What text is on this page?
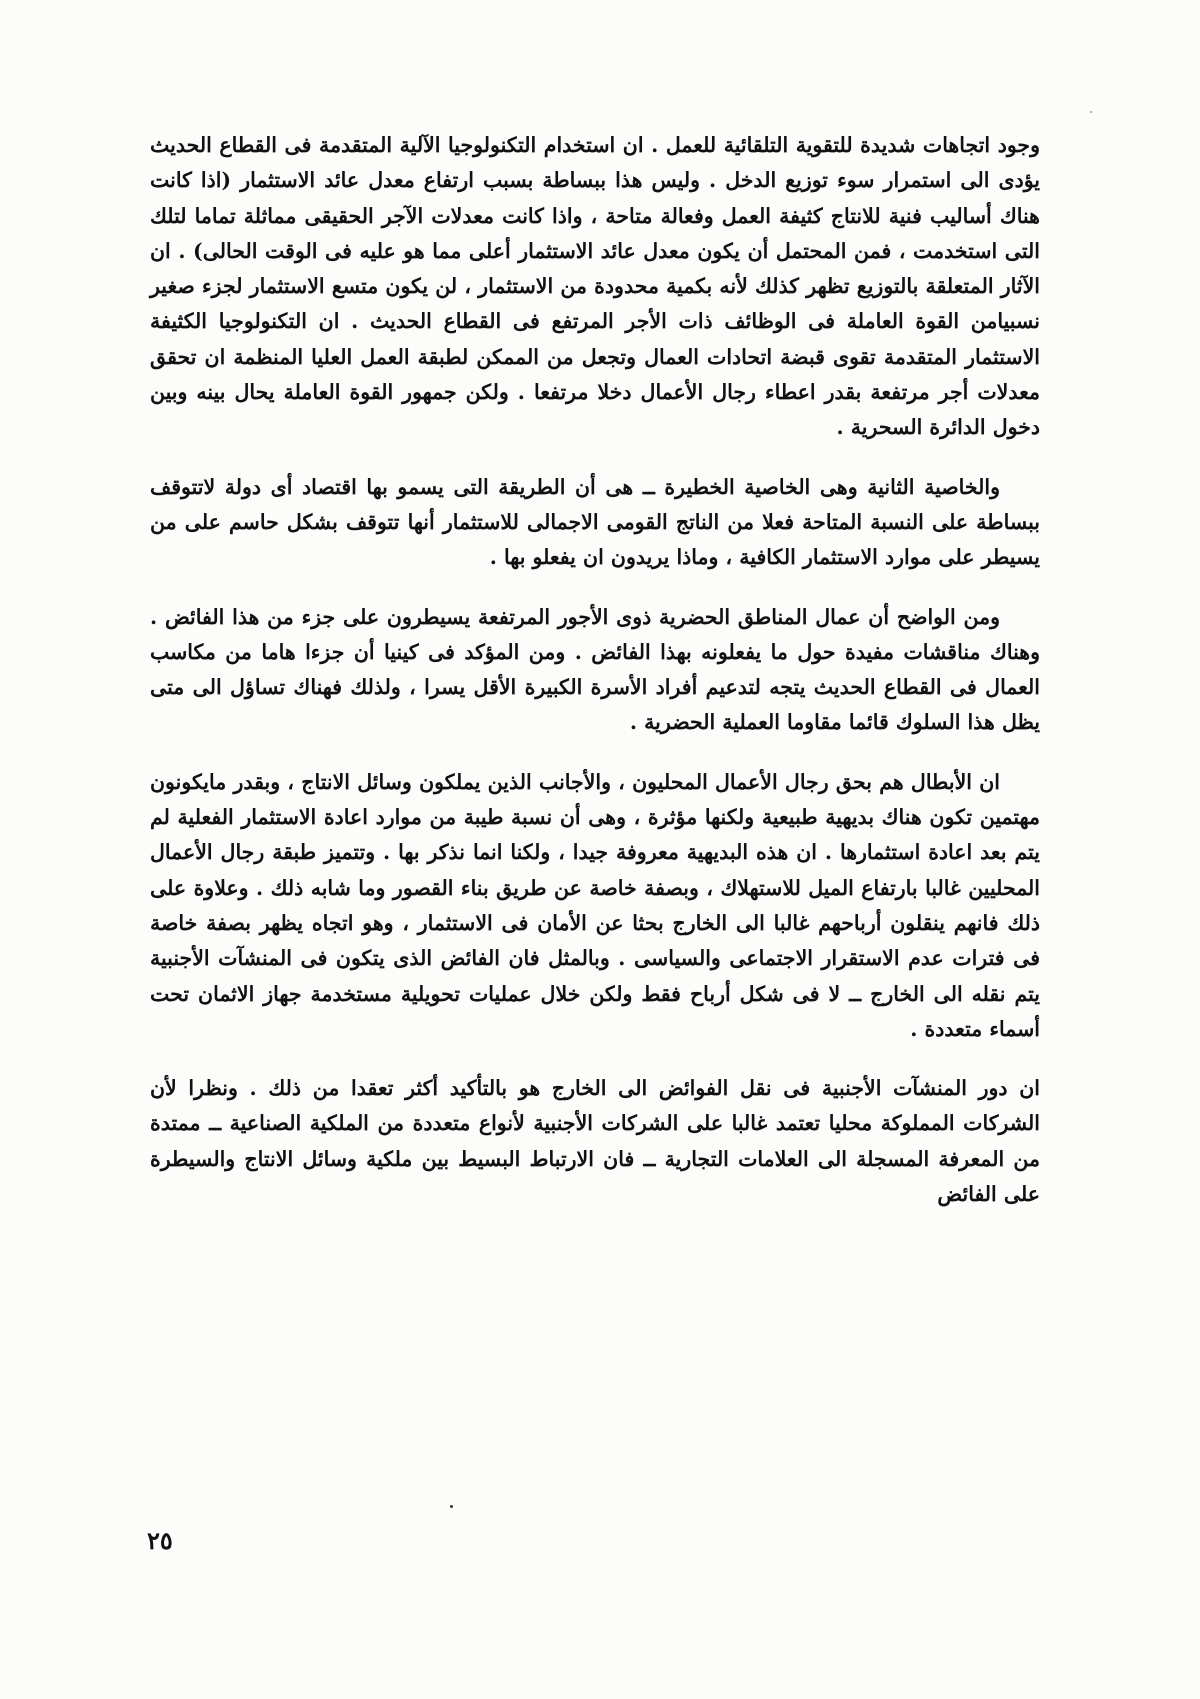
وجود اتجاهات شديدة للتقوية التلقائية للعمل . ان استخدام التكنولوجيا الآلية المتقدمة فى القطاع الحديث يؤدى الى استمرار سوء توزيع الدخل . وليس هذا ببساطة بسبب ارتفاع معدل عائد الاستثمار (اذا كانت هناك أساليب فنية للانتاج كثيفة العمل وفعالة متاحة ، واذا كانت معدلات الآجر الحقيقى مماثلة تماما لتلك التى استخدمت ، فمن المحتمل أن يكون معدل عائد الاستثمار أعلى مما هو عليه فى الوقت الحالى) . ان الآثار المتعلقة بالتوزيع تظهر كذلك لأنه بكمية محدودة من الاستثمار ، لن يكون متسع الاستثمار لجزء صغير نسبيامن القوة العاملة فى الوظائف ذات الأجر المرتفع فى القطاع الحديث . ان التكنولوجيا الكثيفة الاستثمار المتقدمة تقوى قبضة اتحادات العمال وتجعل من الممكن لطبقة العمل العليا المنظمة ان تحقق معدلات أجر مرتفعة بقدر اعطاء رجال الأعمال دخلا مرتفعا . ولكن جمهور القوة العاملة يحال بينه وبين دخول الدائرة السحرية .

والخاصية الثانية وهى الخاصية الخطيرة ــ هى أن الطريقة التى يسمو بها اقتصاد أى دولة لاتتوقف ببساطة على النسبة المتاحة فعلا من الناتج القومى الاجمالى للاستثمار أنها تتوقف بشكل حاسم على من يسيطر على موارد الاستثمار الكافية ، وماذا يريدون ان يفعلو بها .

ومن الواضح أن عمال المناطق الحضرية ذوى الأجور المرتفعة يسيطرون على جزء من هذا الفائض . وهناك مناقشات مفيدة حول ما يفعلونه بهذا الفائض . ومن المؤكد فى كينيا أن جزءا هاما من مكاسب العمال فى القطاع الحديث يتجه لتدعيم أفراد الأسرة الكبيرة الأقل يسرا ، ولذلك فهناك تساؤل الى متى يظل هذا السلوك قائما مقاوما العملية الحضرية .

ان الأبطال هم بحق رجال الأعمال المحليون ، والأجانب الذين يملكون وسائل الانتاج ، وبقدر مايكونون مهتمين تكون هناك بديهية طبيعية ولكنها مؤثرة ، وهى أن نسبة طيبة من موارد اعادة الاستثمار الفعلية لم يتم بعد اعادة استثمارها . ان هذه البديهية معروفة جيدا ، ولكنا انما نذكر بها . وتتميز طبقة رجال الأعمال المحليين غالبا بارتفاع الميل للاستهلاك ، وبصفة خاصة عن طريق بناء القصور وما شابه ذلك . وعلاوة على ذلك فانهم ينقلون أرباحهم غالبا الى الخارج بحثا عن الأمان فى الاستثمار ، وهو اتجاه يظهر بصفة خاصة فى فترات عدم الاستقرار الاجتماعى والسياسى . وبالمثل فان الفائض الذى يتكون فى المنشآت الأجنبية يتم نقله الى الخارج ــ لا فى شكل أرباح فقط ولكن خلال عمليات تحويلية مستخدمة جهاز الاثمان تحت أسماء متعددة .

ان دور المنشآت الأجنبية فى نقل الفوائض الى الخارج هو بالتأكيد أكثر تعقدا من ذلك . ونظرا لأن الشركات المملوكة محليا تعتمد غالبا على الشركات الأجنبية لأنواع متعددة من الملكية الصناعية ــ ممتدة من المعرفة المسجلة الى العلامات التجارية ــ فان الارتباط البسيط بين ملكية وسائل الانتاج والسيطرة على الفائض

٢٥
